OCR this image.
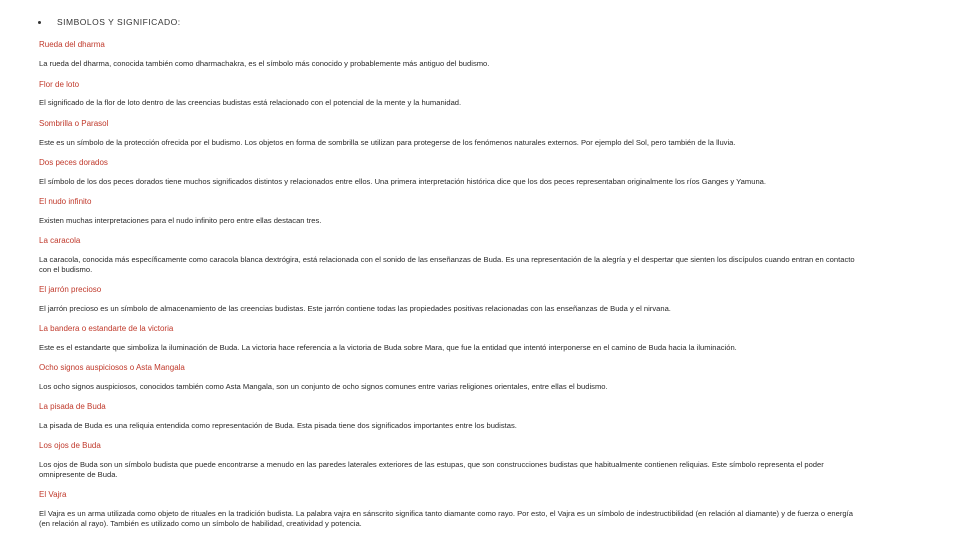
SIMBOLOS Y SIGNIFICADO:
Rueda del dharma
La rueda del dharma, conocida también como dharmachakra, es el símbolo más conocido y probablemente más antiguo del budismo.
Flor de loto
El significado de la flor de loto dentro de las creencias budistas está relacionado con el potencial de la mente y la humanidad.
Sombrilla o Parasol
Este es un símbolo de la protección ofrecida por el budismo. Los objetos en forma de sombrilla se utilizan para protegerse de los fenómenos naturales externos. Por ejemplo del Sol, pero también de la lluvia.
Dos peces dorados
El símbolo de los dos peces dorados tiene muchos significados distintos y relacionados entre ellos. Una primera interpretación histórica dice que los dos peces representaban originalmente los ríos Ganges y Yamuna.
El nudo infinito
Existen muchas interpretaciones para el nudo infinito pero entre ellas destacan tres.
La caracola
La caracola, conocida más específicamente como caracola blanca dextrógira, está relacionada con el sonido de las enseñanzas de Buda. Es una representación de la alegría y el despertar que sienten los discípulos cuando entran en contacto con el budismo.
El jarrón precioso
El jarrón precioso es un símbolo de almacenamiento de las creencias budistas. Este jarrón contiene todas las propiedades positivas relacionadas con las enseñanzas de Buda y el nirvana.
La bandera o estandarte de la victoria
Este es el estandarte que simboliza la iluminación de Buda. La victoria hace referencia a la victoria de Buda sobre Mara, que fue la entidad que intentó interponerse en el camino de Buda hacia la iluminación.
Ocho signos auspiciosos o Asta Mangala
Los ocho signos auspiciosos, conocidos también como Asta Mangala, son un conjunto de ocho signos comunes entre varias religiones orientales, entre ellas el budismo.
La pisada de Buda
La pisada de Buda es una reliquia entendida como representación de Buda. Esta pisada tiene dos significados importantes entre los budistas.
Los ojos de Buda
Los ojos de Buda son un símbolo budista que puede encontrarse a menudo en las paredes laterales exteriores de las estupas, que son construcciones budistas que habitualmente contienen reliquias. Este símbolo representa el poder omnipresente de Buda.
El Vajra
El Vajra es un arma utilizada como objeto de rituales en la tradición budista. La palabra vajra en sánscrito significa tanto diamante como rayo. Por esto, el Vajra es un símbolo de indestructibilidad (en relación al diamante) y de fuerza o energía (en relación al rayo). También es utilizado como un símbolo de habilidad, creatividad y potencia.
